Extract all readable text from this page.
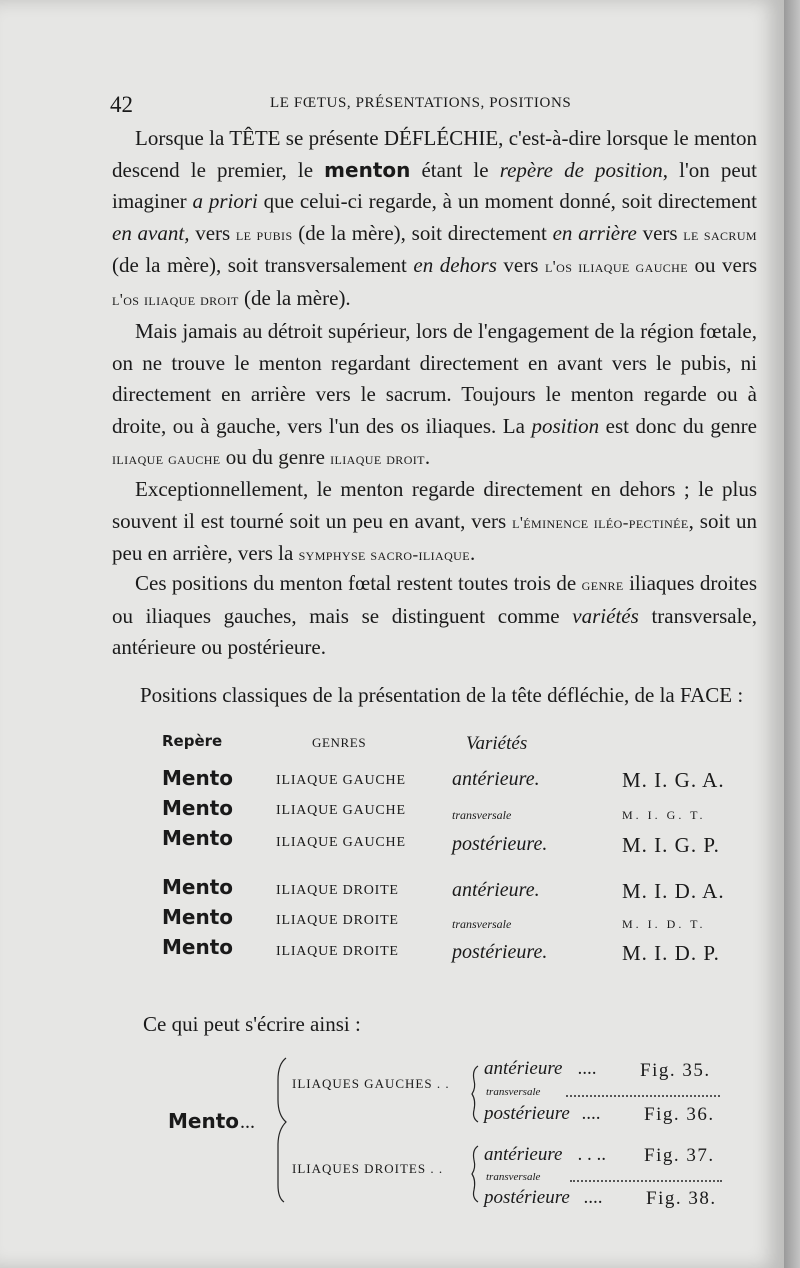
42	LE FŒTUS, PRÉSENTATIONS, POSITIONS
Lorsque la TÊTE se présente DÉFLÉCHIE, c'est-à-dire lorsque le menton descend le premier, le menton étant le repère de position, l'on peut imaginer a priori que celui-ci regarde, à un moment donné, soit directement en avant, vers le pubis (de la mère), soit directement en arrière vers le sacrum (de la mère), soit transversalement en dehors vers l'os iliaque gauche ou vers l'os iliaque droit (de la mère).
Mais jamais au détroit supérieur, lors de l'engagement de la région fœtale, on ne trouve le menton regardant directement en avant vers le pubis, ni directement en arrière vers le sacrum. Toujours le menton regarde ou à droite, ou à gauche, vers l'un des os iliaques. La position est donc du genre iliaque gauche ou du genre iliaque droit.
Exceptionnellement, le menton regarde directement en dehors ; le plus souvent il est tourné soit un peu en avant, vers l'éminence iléo-pectinée, soit un peu en arrière, vers la symphyse sacro-iliaque.
Ces positions du menton fœtal restent toutes trois de genre iliaques droites ou iliaques gauches, mais se distinguent comme variétés transversale, antérieure ou postérieure.
Positions classiques de la présentation de la tête défléchie, de la FACE :
Repère	GENRES	Variétés
Mento	ILIAQUE GAUCHE antérieure.	M. I. G. A.
Mento	ILIAQUE GAUCHE	transversale	M. I. G. T.
Mento	ILIAQUE GAUCHE postérieure.	M. I. G. P.
Mento	ILIAQUE DROITE	antérieure.	M. I. D. A.
Mento	ILIAQUE DROITE	transversale	M. I. D. T.
Mento	ILIAQUE DROITE	postérieure.	M. I. D. P.
Ce qui peut s'écrire ainsi :
Mento ...
ILIAQUES GAUCHES . .
antérieure .... Fig. 35.
transversale
postérieure .... Fig. 36.
ILIAQUES DROITES . .
antérieure . . .. Fig. 37.
transversale
postérieure .... Fig. 38.
